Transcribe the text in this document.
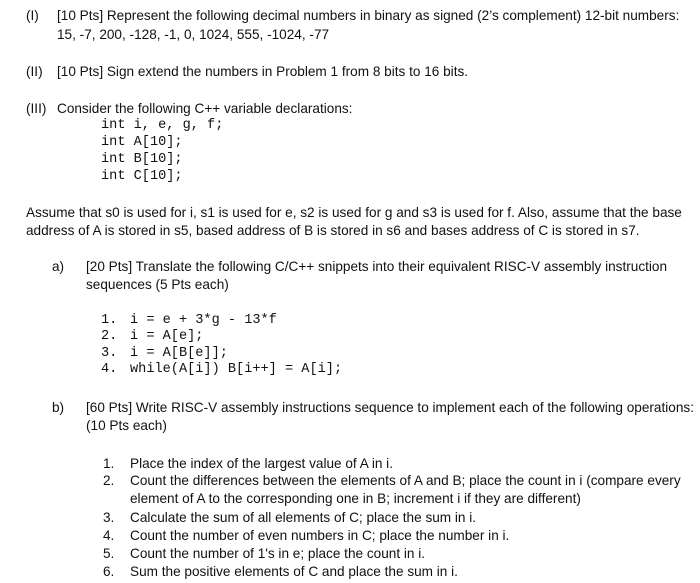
(I) [10 Pts] Represent the following decimal numbers in binary as signed (2’s complement) 12-bit numbers:
15, -7, 200, -128, -1, 0, 1024, 555, -1024, -77
(II) [10 Pts] Sign extend the numbers in Problem 1 from 8 bits to 16 bits.
(III) Consider the following C++ variable declarations:
int i, e, g, f;
int A[10];
int B[10];
int C[10];
Assume that s0 is used for i, s1 is used for e, s2 is used for g and s3 is used for f. Also, assume that the base
address of A is stored in s5, based address of B is stored in s6 and bases address of C is stored in s7.
a) [20 Pts] Translate the following C/C++ snippets into their equivalent RISC-V assembly instruction
sequences (5 Pts each)
1. i = e + 3*g - 13*f
2. i = A[e];
3. i = A[B[e]];
4. while(A[i]) B[i++] = A[i];
b) [60 Pts] Write RISC-V assembly instructions sequence to implement each of the following operations:
(10 Pts each)
1. Place the index of the largest value of A in i.
2. Count the differences between the elements of A and B; place the count in i (compare every
element of A to the corresponding one in B; increment i if they are different)
3. Calculate the sum of all elements of C; place the sum in i.
4. Count the number of even numbers in C; place the number in i.
5. Count the number of 1's in e; place the count in i.
6. Sum the positive elements of C and place the sum in i.
